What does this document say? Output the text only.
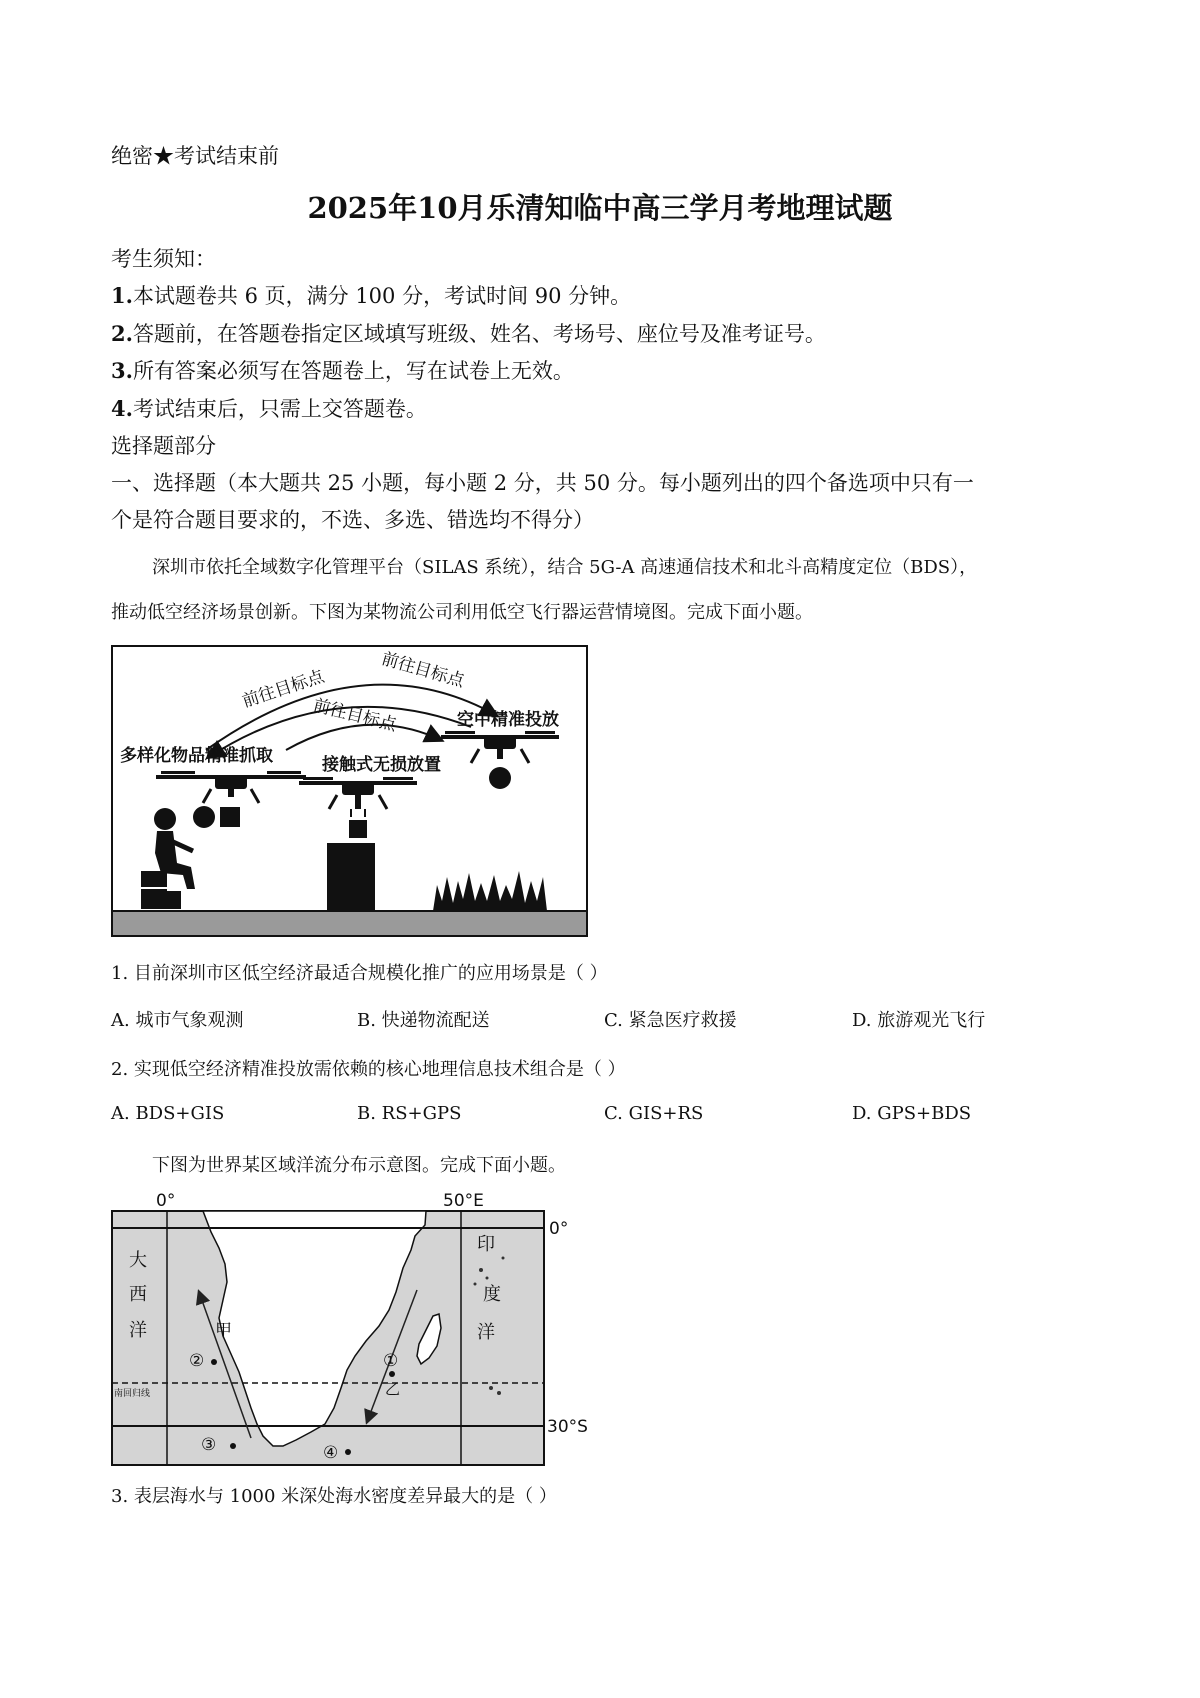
绝密★考试结束前
2025年10月乐清知临中高三学月考地理试题
考生须知：
1.本试题卷共 6 页，满分 100 分，考试时间 90 分钟。
2.答题前，在答题卷指定区域填写班级、姓名、考场号、座位号及准考证号。
3.所有答案必须写在答题卷上，写在试卷上无效。
4.考试结束后，只需上交答题卷。
选择题部分
一、选择题（本大题共 25 小题，每小题 2 分，共 50 分。每小题列出的四个备选项中只有一
个是符合题目要求的，不选、多选、错选均不得分）
深圳市依托全域数字化管理平台（SILAS 系统），结合 5G-A 高速通信技术和北斗高精度定位（BDS），
推动低空经济场景创新。下图为某物流公司利用低空飞行器运营情境图。完成下面小题。
前往目标点	前往目标点
前往目标点
多样化物品精准抓取	接触式无损放置
空中精准投放
1. 目前深圳市区低空经济最适合规模化推广的应用场景是（ ）
A. 城市气象观测	B. 快递物流配送	C. 紧急医疗救援	D. 旅游观光飞行
2. 实现低空经济精准投放需依赖的核心地理信息技术组合是（ ）
A. BDS+GIS	B. RS+GPS	C. GIS+RS	D. GPS+BDS
下图为世界某区域洋流分布示意图。完成下面小题。
0°	50°E
0°
30°S
南回归线
大
西
洋
印
度
洋
甲
乙
①
②
③	④
3. 表层海水与 1000 米深处海水密度差异最大的是（ ）
